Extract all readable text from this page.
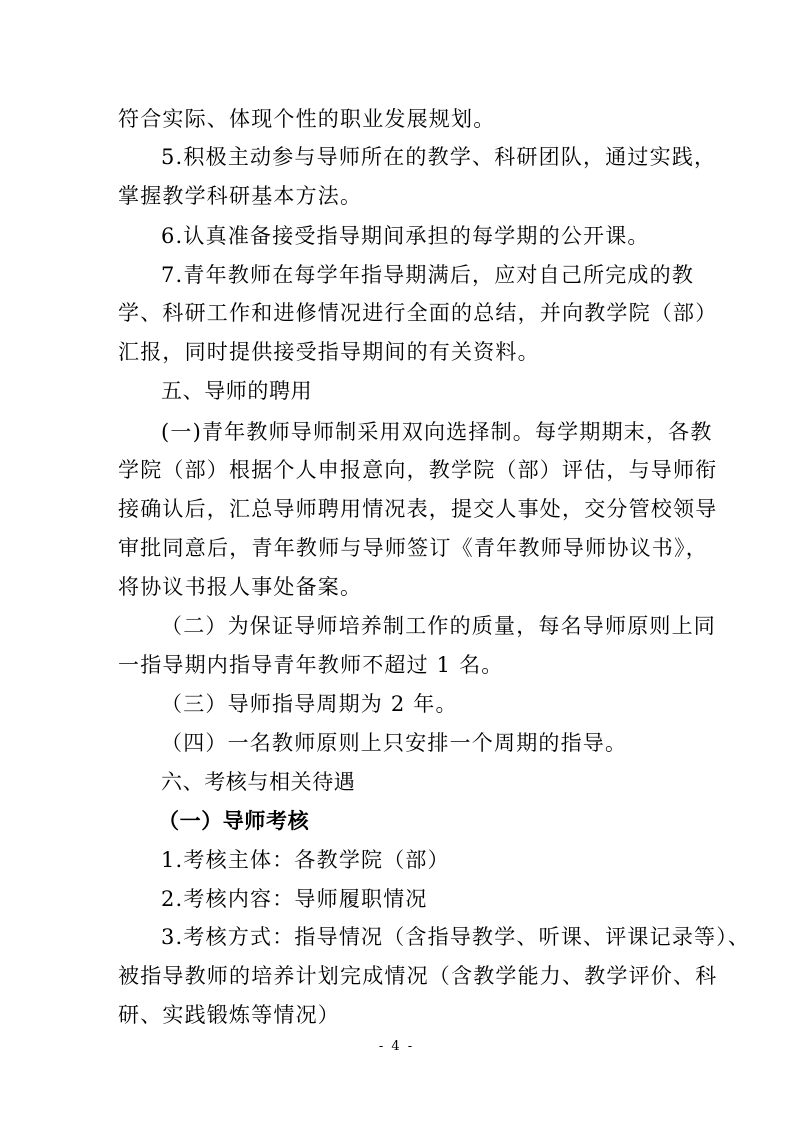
符合实际、体现个性的职业发展规划。
5.积极主动参与导师所在的教学、科研团队，通过实践，
掌握教学科研基本方法。
6.认真准备接受指导期间承担的每学期的公开课。
7.青年教师在每学年指导期满后，应对自己所完成的教
学、科研工作和进修情况进行全面的总结，并向教学院（部）
汇报，同时提供接受指导期间的有关资料。
五、导师的聘用
(一)青年教师导师制采用双向选择制。每学期期末，各教
学院（部）根据个人申报意向，教学院（部）评估，与导师衔
接确认后，汇总导师聘用情况表，提交人事处，交分管校领导
审批同意后，青年教师与导师签订《青年教师导师协议书》，
将协议书报人事处备案。
（二）为保证导师培养制工作的质量，每名导师原则上同
一指导期内指导青年教师不超过 1 名。
（三）导师指导周期为 2 年。
（四）一名教师原则上只安排一个周期的指导。
六、考核与相关待遇
（一）导师考核
1.考核主体：各教学院（部）
2.考核内容：导师履职情况
3.考核方式：指导情况（含指导教学、听课、评课记录等）、
被指导教师的培养计划完成情况（含教学能力、教学评价、科
研、实践锻炼等情况）
- 4 -
